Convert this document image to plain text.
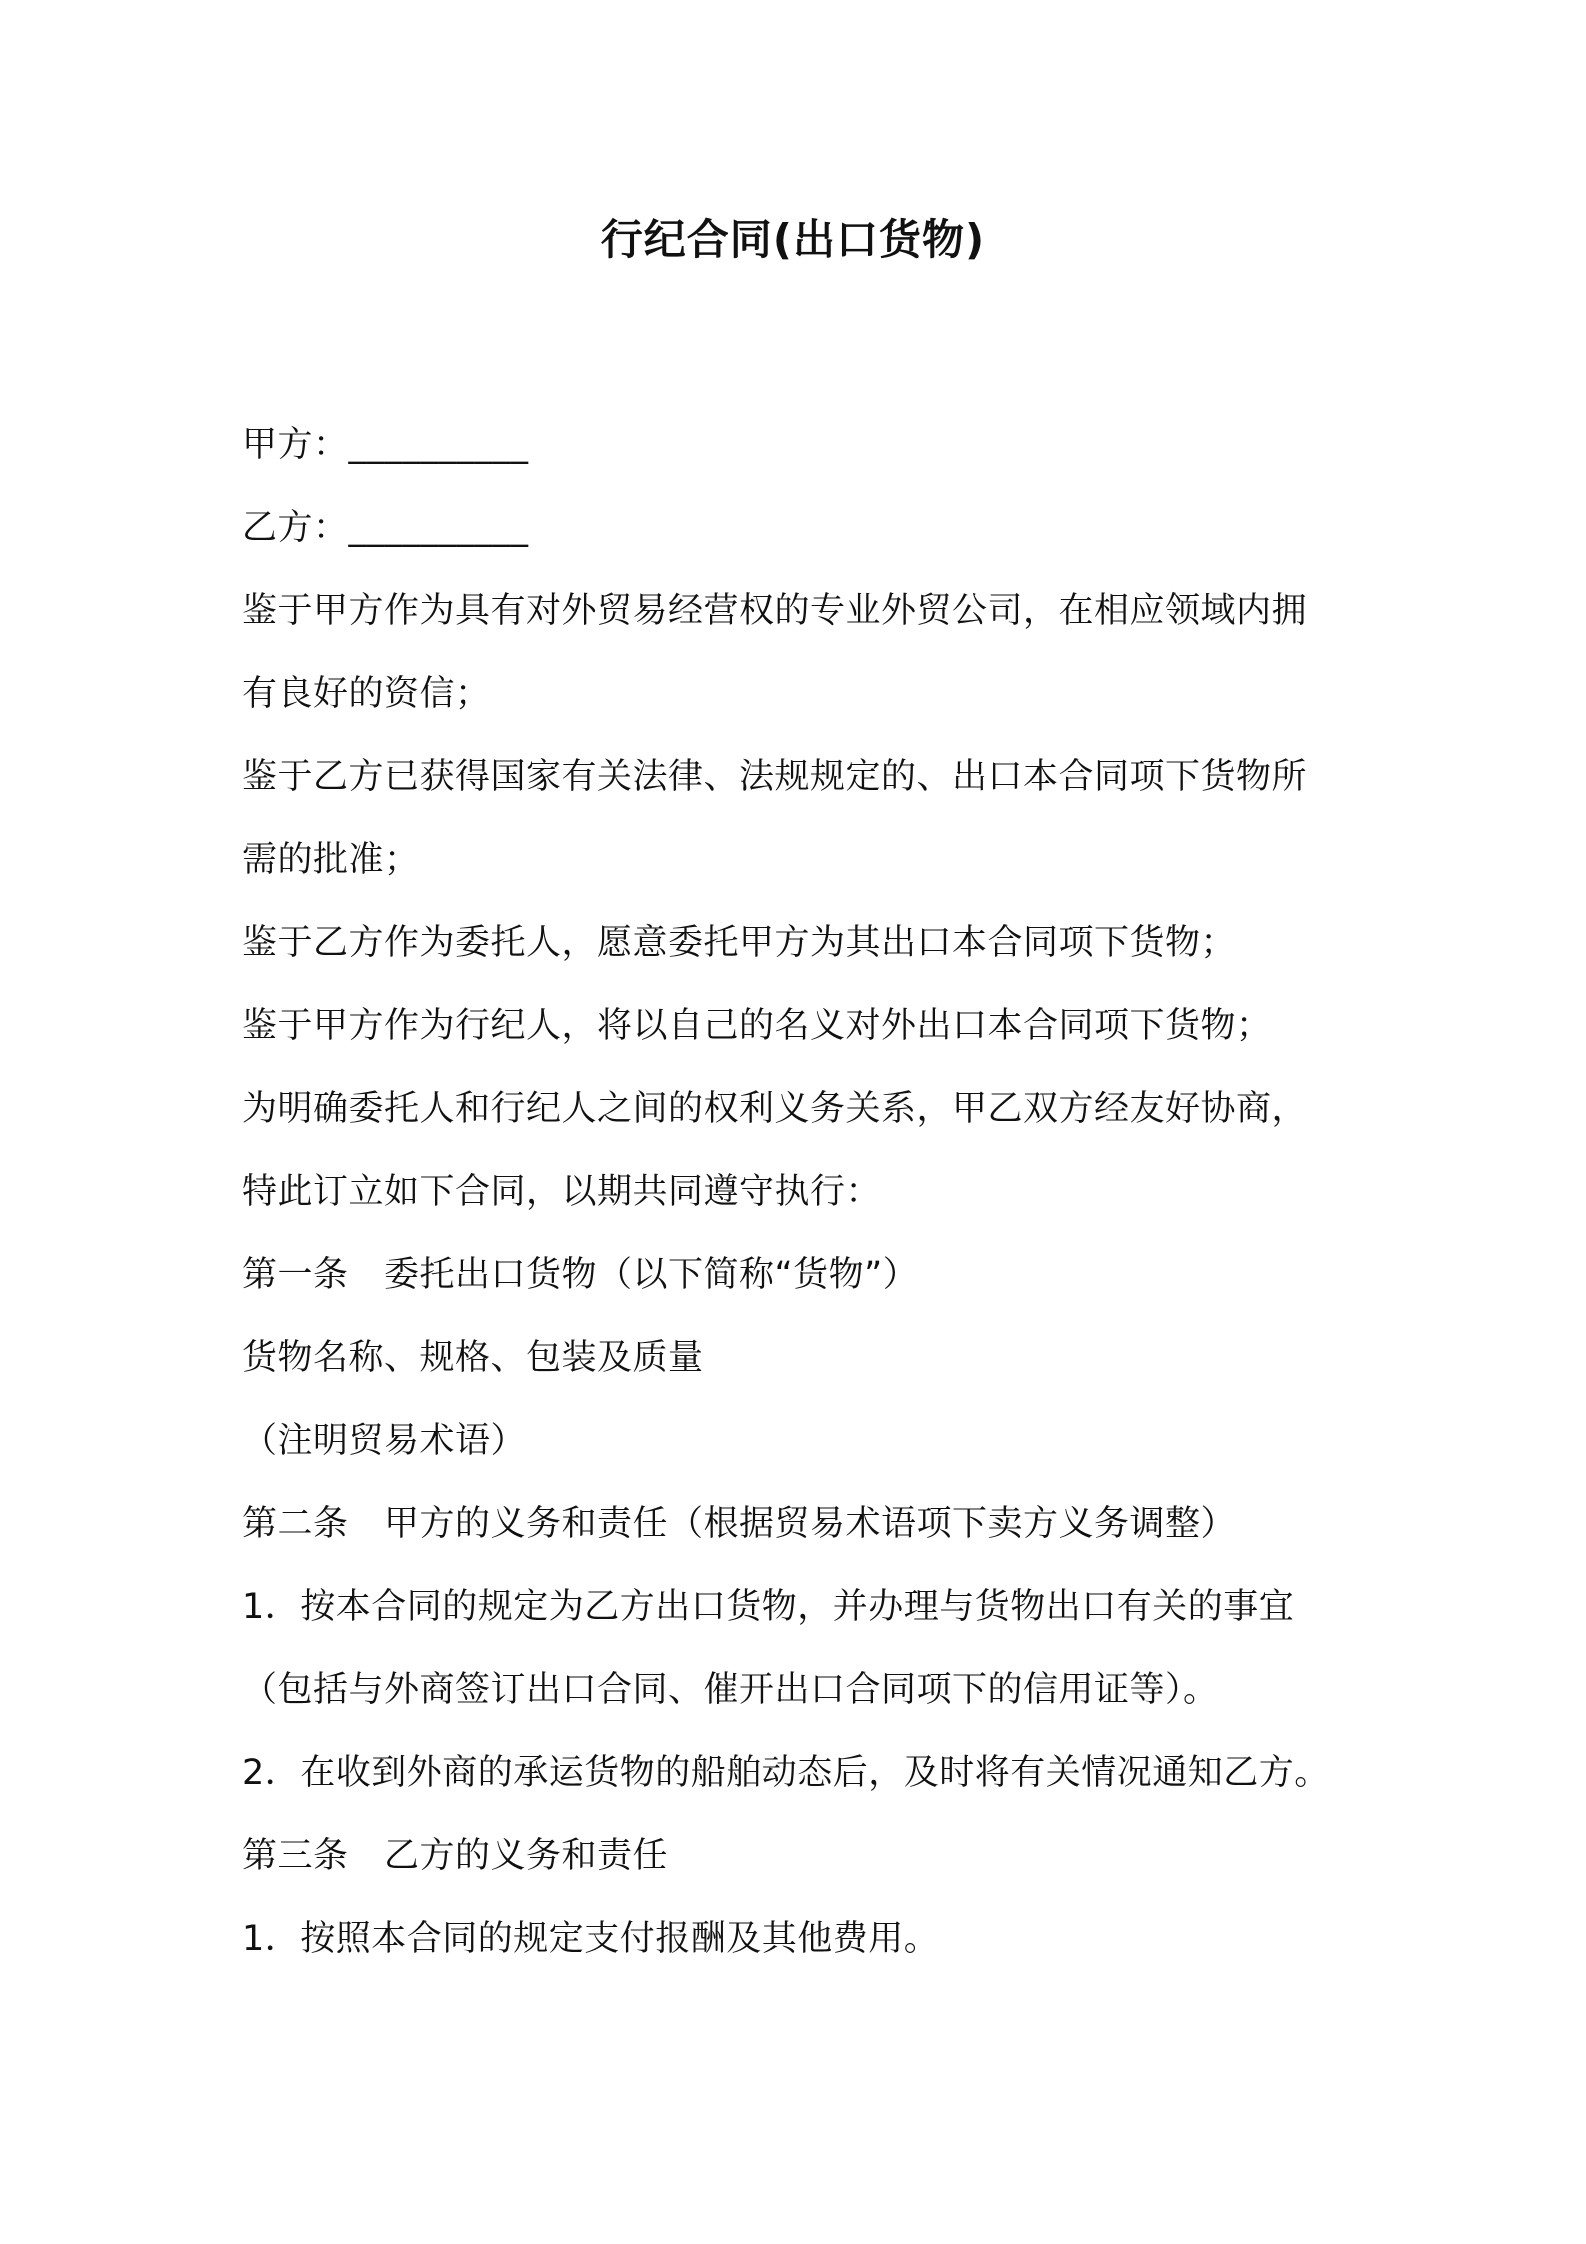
行纪合同(出口货物)
甲方：__________
乙方：__________
鉴于甲方作为具有对外贸易经营权的专业外贸公司，在相应领域内拥
有良好的资信；
鉴于乙方已获得国家有关法律、法规规定的、出口本合同项下货物所
需的批准；
鉴于乙方作为委托人，愿意委托甲方为其出口本合同项下货物；
鉴于甲方作为行纪人，将以自己的名义对外出口本合同项下货物；
为明确委托人和行纪人之间的权利义务关系，甲乙双方经友好协商，
特此订立如下合同，以期共同遵守执行：
第一条　委托出口货物（以下简称“货物”）
货物名称、规格、包装及质量
（注明贸易术语）
第二条　甲方的义务和责任（根据贸易术语项下卖方义务调整）
1．按本合同的规定为乙方出口货物，并办理与货物出口有关的事宜
（包括与外商签订出口合同、催开出口合同项下的信用证等）。
2．在收到外商的承运货物的船舶动态后，及时将有关情况通知乙方。
第三条　乙方的义务和责任
1．按照本合同的规定支付报酬及其他费用。
